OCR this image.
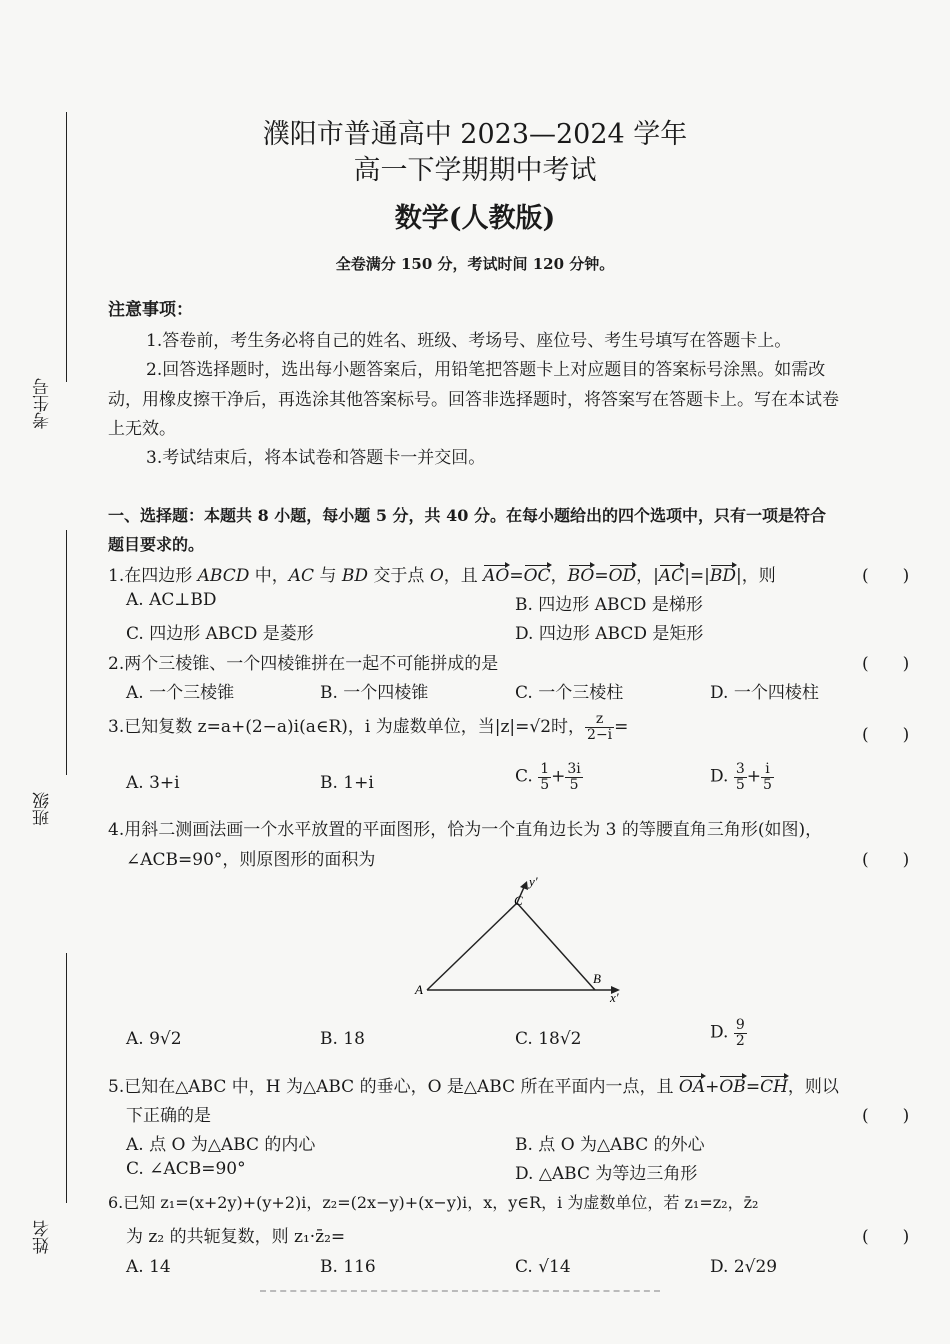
考生号
班级
姓名
濮阳市普通高中 2023—2024 学年
高一下学期期中考试
数学(人教版)
全卷满分 150 分，考试时间 120 分钟。
注意事项：
1.答卷前，考生务必将自己的姓名、班级、考场号、座位号、考生号填写在答题卡上。
2.回答选择题时，选出每小题答案后，用铅笔把答题卡上对应题目的答案标号涂黑。如需改
动，用橡皮擦干净后，再选涂其他答案标号。回答非选择题时，将答案写在答题卡上。写在本试卷
上无效。
3.考试结束后，将本试卷和答题卡一并交回。
一、选择题：本题共 8 小题，每小题 5 分，共 40 分。在每小题给出的四个选项中，只有一项是符合
题目要求的。
1.在四边形 ABCD 中，AC 与 BD 交于点 O，且 AO=OC，BO=OD，|AC|=|BD|，则	(　　)
A. AC⊥BD	B. 四边形 ABCD 是梯形
C. 四边形 ABCD 是菱形	D. 四边形 ABCD 是矩形
2.两个三棱锥、一个四棱锥拼在一起不可能拼成的是	(　　)
A. 一个三棱锥	B. 一个四棱锥	C. 一个三棱柱	D. 一个四棱柱
3.已知复数 z=a+(2−a)i(a∈R)，i 为虚数单位，当|z|=√2时， $\frac{z}{2-i}$ =	(　　)
A. 3+i	B. 1+i	C. $\frac{1}{5} + \frac{3i}{5}$	D. $\frac{3}{5} + \frac{i}{5}$
4.用斜二测画法画一个水平放置的平面图形，恰为一个直角边长为 3 的等腰直角三角形(如图)，
∠ACB=90°，则原图形的面积为	(　　)
A
B
C
x′
y′
A. 9√2	B. 18	C. 18√2	D. $\frac{9}{2}$
5.已知在△ABC 中，H 为△ABC 的垂心，O 是△ABC 所在平面内一点，且 OA+OB=CH，则以
下正确的是	(　　)
A. 点 O 为△ABC 的内心	B. 点 O 为△ABC 的外心
C. ∠ACB=90°	D. △ABC 为等边三角形
6.已知 z₁=(x+2y)+(y+2)i，z₂=(2x−y)+(x−y)i，x，y∈R，i 为虚数单位，若 z₁=z₂，z̄₂
为 z₂ 的共轭复数，则 z₁·z̄₂=	(　　)
A. 14	B. 116	C. √14	D. 2√29
